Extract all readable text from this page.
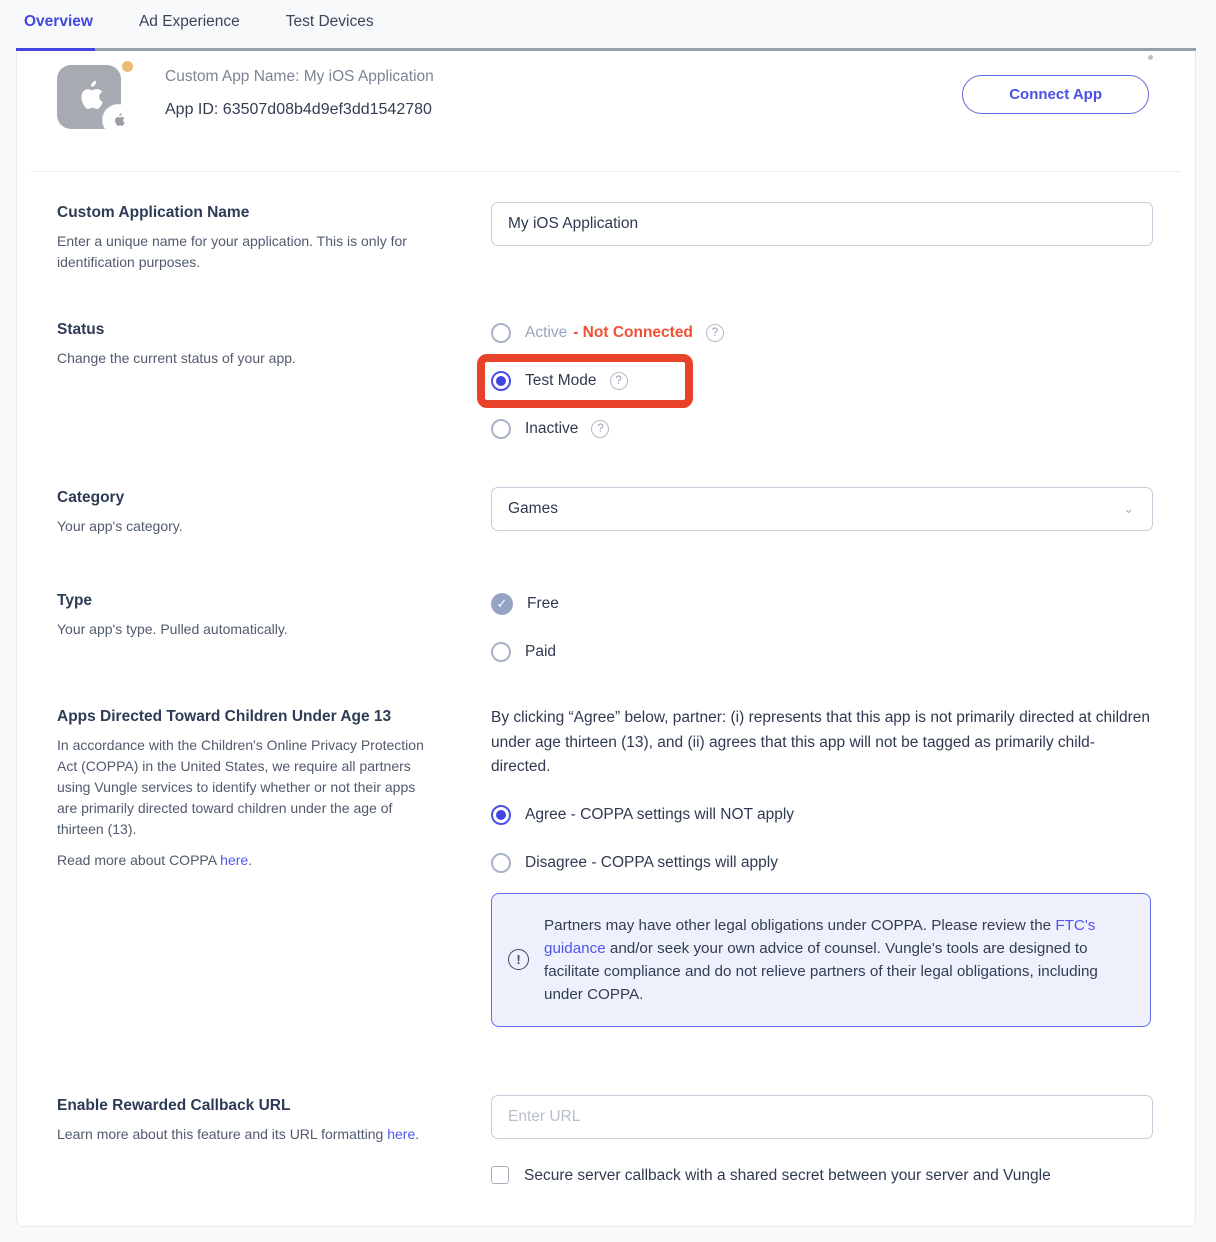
Overview	Ad Experience	Test Devices
Custom App Name: My iOS Application
App ID: 63507d08b4d9ef3dd1542780
Connect App
Custom Application Name
Enter a unique name for your application. This is only for identification purposes.
My iOS Application
Status
Change the current status of your app.
Active - Not Connected	?
Test Mode	?
Inactive	?
Category
Your app's category.
Games	⌄
Type
Your app's type. Pulled automatically.
✓	Free
Paid
Apps Directed Toward Children Under Age 13
In accordance with the Children's Online Privacy Protection Act (COPPA) in the United States, we require all partners using Vungle services to identify whether or not their apps are primarily directed toward children under the age of thirteen (13).
Read more about COPPA here.
By clicking “Agree” below, partner: (i) represents that this app is not primarily directed at children under age thirteen (13), and (ii) agrees that this app will not be tagged as primarily child-directed.
Agree - COPPA settings will NOT apply
Disagree - COPPA settings will apply
!
Partners may have other legal obligations under COPPA. Please review the FTC's guidance and/or seek your own advice of counsel. Vungle's tools are designed to facilitate compliance and do not relieve partners of their legal obligations, including under COPPA.
Enable Rewarded Callback URL
Learn more about this feature and its URL formatting here.
Enter URL
Secure server callback with a shared secret between your server and Vungle
